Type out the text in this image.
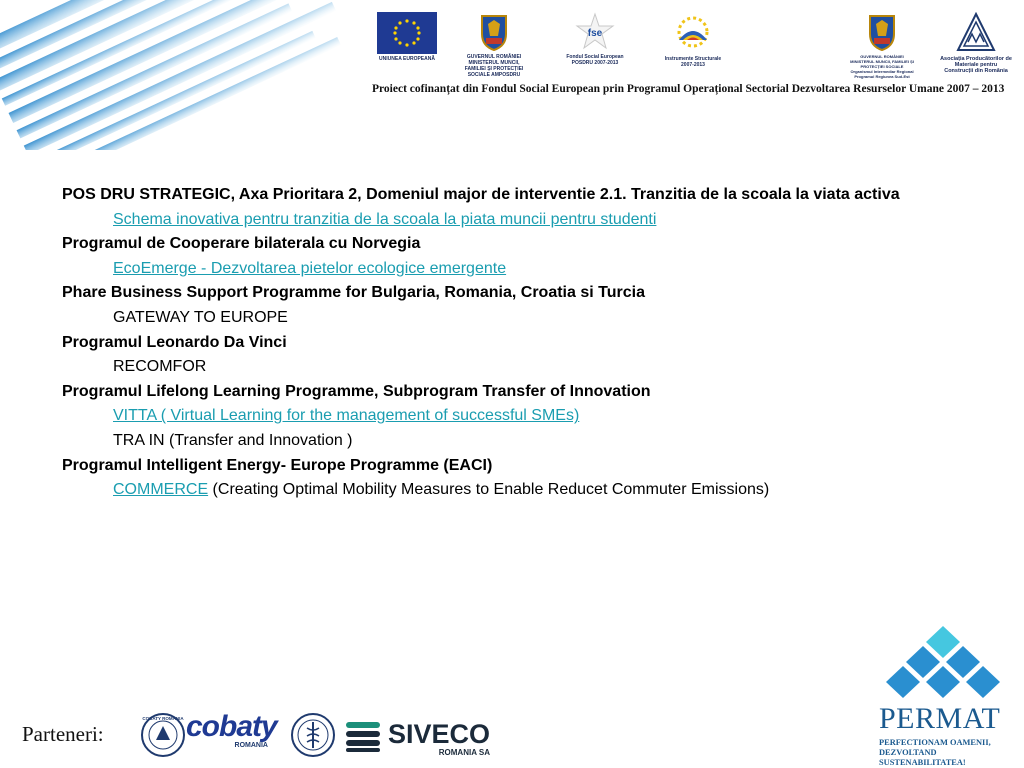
UNIUNEA EUROPEANĂ	GUVERNUL ROMÂNIEI MINISTERUL MUNCII, FAMILIEI ȘI PROTECȚIEI SOCIALE AMPOSDRU
fse
Fondul Social European POSDRU 2007-2013
Instrumente Structurale 2007-2013
GUVERNUL ROMÂNIEI MINISTERUL MUNCII, FAMILIEI ȘI PROTECȚIEI SOCIALE Organismul Intermediar Regional Programul Regiunea Sud-Est
Asociația Producătorilor de Materiale pentru Construcții din România
Proiect cofinanțat din Fondul Social European prin Programul Operațional Sectorial Dezvoltarea Resurselor Umane 2007 – 2013
POS DRU STRATEGIC, Axa Prioritara 2, Domeniul major de interventie 2.1. Tranzitia de la scoala la viata activa
Schema inovativa pentru tranzitia de la scoala la piata muncii pentru studenti
Programul de Cooperare bilaterala cu Norvegia
EcoEmerge - Dezvoltarea pietelor ecologice emergente
Phare Business Support Programme for Bulgaria, Romania, Croatia si Turcia
GATEWAY TO EUROPE
Programul Leonardo Da Vinci
RECOMFOR
Programul Lifelong Learning Programme, Subprogram Transfer of Innovation
VITTA ( Virtual Learning for the management of successful SMEs)
TRA IN (Transfer and Innovation )
Programul Intelligent Energy- Europe Programme (EACI)
COMMERCE (Creating Optimal Mobility Measures to Enable Reducet Commuter Emissions)
Parteneri:
COBATY ROMANIA cobaty
ROMANIA	SIVECO
ROMANIA SA
PERMAT
PERFECTIONAM OAMENII,
DEZVOLTAND SUSTENABILITATEA!
